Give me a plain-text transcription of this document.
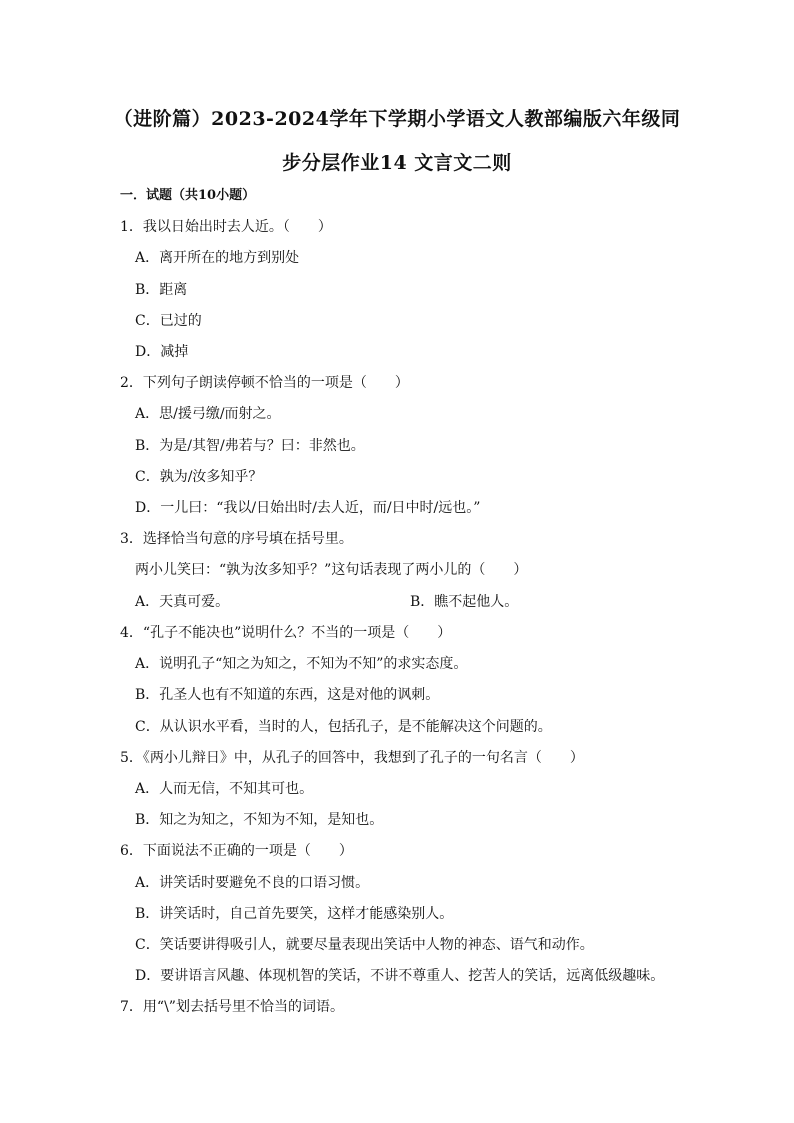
（进阶篇）2023-2024学年下学期小学语文人教部编版六年级同
步分层作业14 文言文二则
一．试题（共10小题）
1．我以日始出时去人近。（　　）
A．离开所在的地方到别处
B．距离
C．已过的
D．减掉
2．下列句子朗读停顿不恰当的一项是（　　）
A．思/援弓缴/而射之。
B．为是/其智/弗若与？曰：非然也。
C．孰为/汝多知乎？
D．一儿曰：“我以/日始出时/去人近，而/日中时/远也。”
3．选择恰当句意的序号填在括号里。
两小儿笑曰：“孰为汝多知乎？”这句话表现了两小儿的（　　）
A．天真可爱。	B．瞧不起他人。
4．“孔子不能决也”说明什么？不当的一项是（　　）
A．说明孔子“知之为知之，不知为不知”的求实态度。
B．孔圣人也有不知道的东西，这是对他的讽刺。
C．从认识水平看，当时的人，包括孔子，是不能解决这个问题的。
5．《两小儿辩日》中，从孔子的回答中，我想到了孔子的一句名言（　　）
A．人而无信，不知其可也。
B．知之为知之，不知为不知，是知也。
6．下面说法不正确的一项是（　　）
A．讲笑话时要避免不良的口语习惯。
B．讲笑话时，自己首先要笑，这样才能感染别人。
C．笑话要讲得吸引人，就要尽量表现出笑话中人物的神态、语气和动作。
D．要讲语言风趣、体现机智的笑话，不讲不尊重人、挖苦人的笑话，远离低级趣味。
7．用“\”划去括号里不恰当的词语。
